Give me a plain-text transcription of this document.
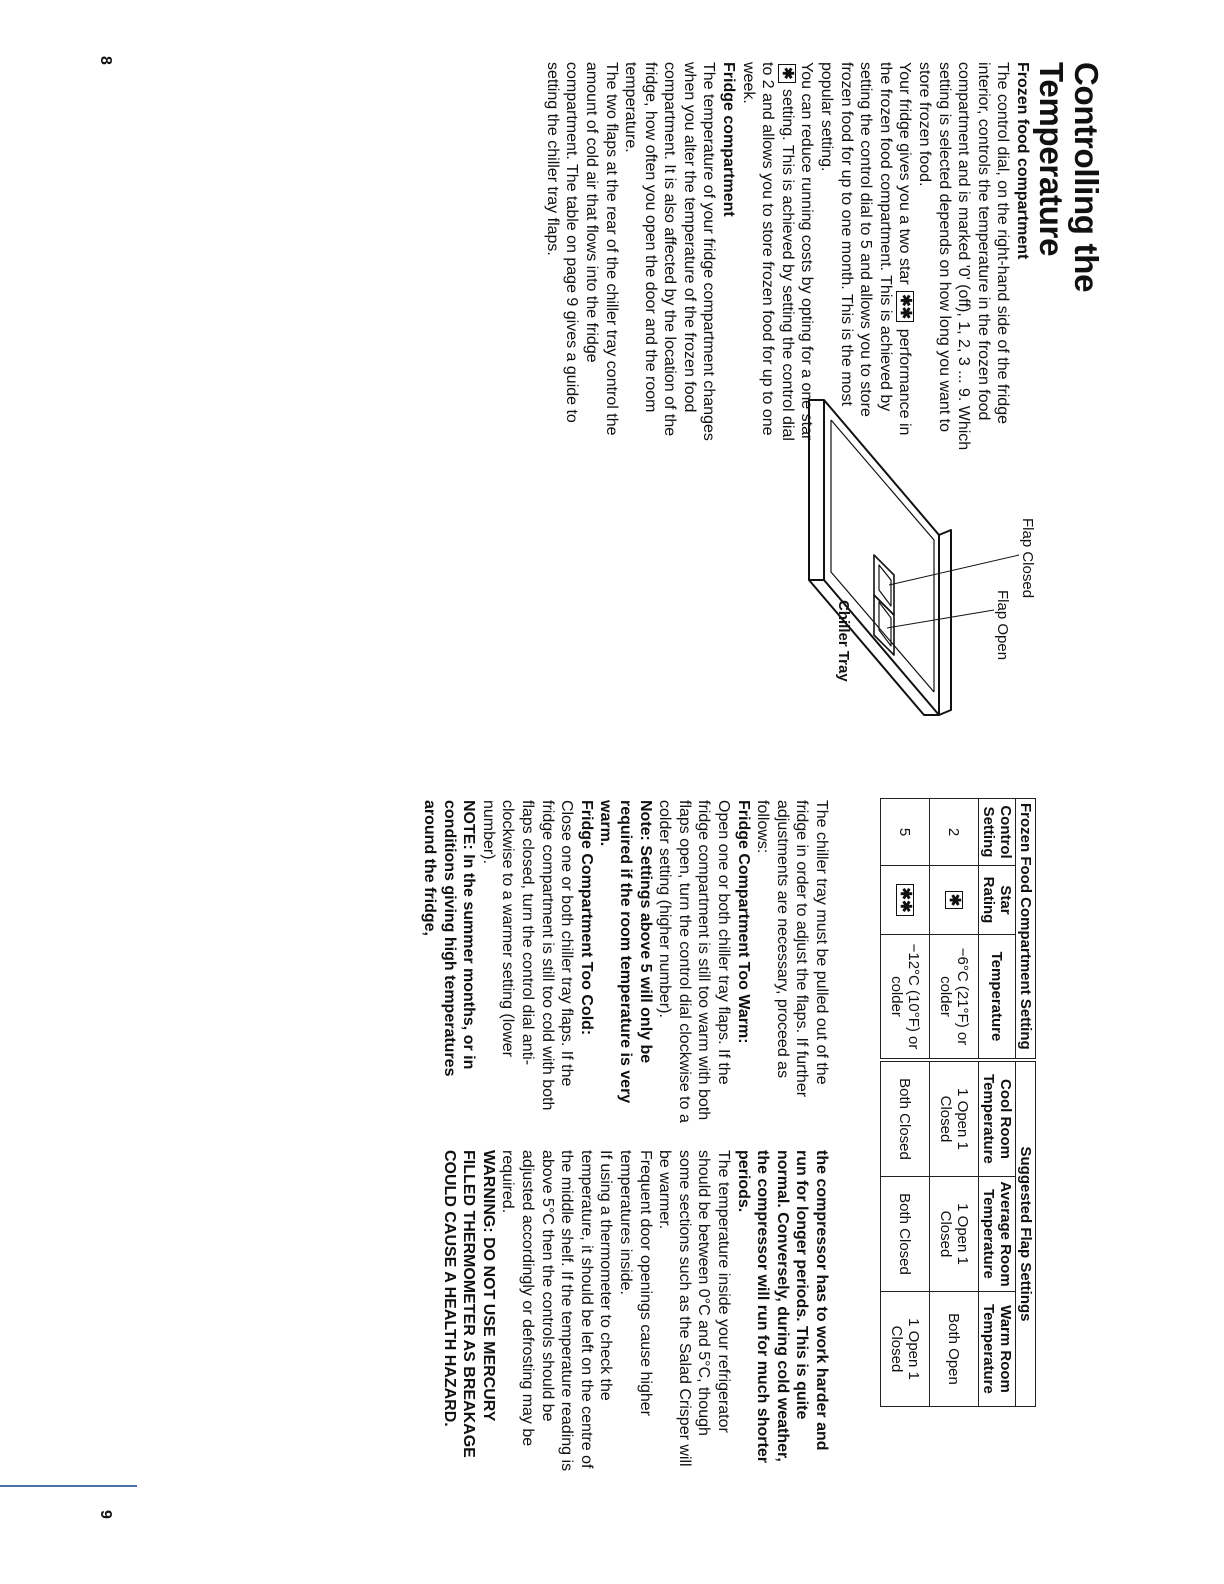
8
9
Controlling the Temperature
Frozen food compartment

The control dial, on the right-hand side of the fridge interior, controls the temperature in the frozen food compartment and is marked '0' (off), 1, 2, 3 ... 9. Which setting is selected depends on how long you want to store frozen food.

Your fridge gives you a two star ✱✱ performance in the frozen food compartment. This is achieved by setting the control dial to 5 and allows you to store frozen food for up to one month. This is the most popular setting.

You can reduce running costs by opting for a one star ✱ setting. This is achieved by setting the control dial to 2 and allows you to store frozen food for up to one week.

Fridge compartment

The temperature of your fridge compartment changes when you alter the temperature of the frozen food compartment. It is also affected by the location of the fridge, how often you open the door and the room temperature.

The two flaps at the rear of the chiller tray control the amount of cold air that flows into the fridge compartment. The table on page 9 gives a guide to setting the chiller tray flaps.

Flap Closed
Flap Open
Chiller Tray
Frozen Food Compartment Setting				Suggested Flap Settings		
Control Setting	Star Rating	Temperature		Cool Room Temperature	Average Room Temperature	Warm Room Temperature
2	✱	−6°C (21°F) or colder		1 Open 1 Closed	1 Open 1 Closed	Both Open
5	✱✱	−12°C (10°F) or colder		Both Closed	Both Closed	1 Open 1 Closed

The chiller tray must be pulled out of the fridge in order to adjust the flaps. If further adjustments are necessary, proceed as follows:

Fridge Compartment Too Warm:

Open one or both chiller tray flaps. If the fridge compartment is still too warm with both flaps open, turn the control dial clockwise to a colder setting (higher number).

Note: Settings above 5 will only be required if the room temperature is very warm.

Fridge Compartment Too Cold:

Close one or both chiller tray flaps. If the fridge compartment is still too cold with both flaps closed, turn the control dial anti-clockwise to a warmer setting (lower number).

NOTE: In the summer months, or in conditions giving high temperatures around the fridge,

the compressor has to work harder and run for longer periods. This is quite normal. Conversely, during cold weather, the compressor will run for much shorter periods.

The temperature inside your refrigerator should be between 0°C and 5°C, though some sections such as the Salad Crisper will be warmer.

Frequent door openings cause higher temperatures inside.

If using a thermometer to check the temperature, it should be left on the centre of the middle shelf. If the temperature reading is above 5°C then the controls should be adjusted accordingly or defrosting may be required.

WARNING: DO NOT USE MERCURY FILLED THERMOMETER AS BREAKAGE COULD CAUSE A HEALTH HAZARD.
